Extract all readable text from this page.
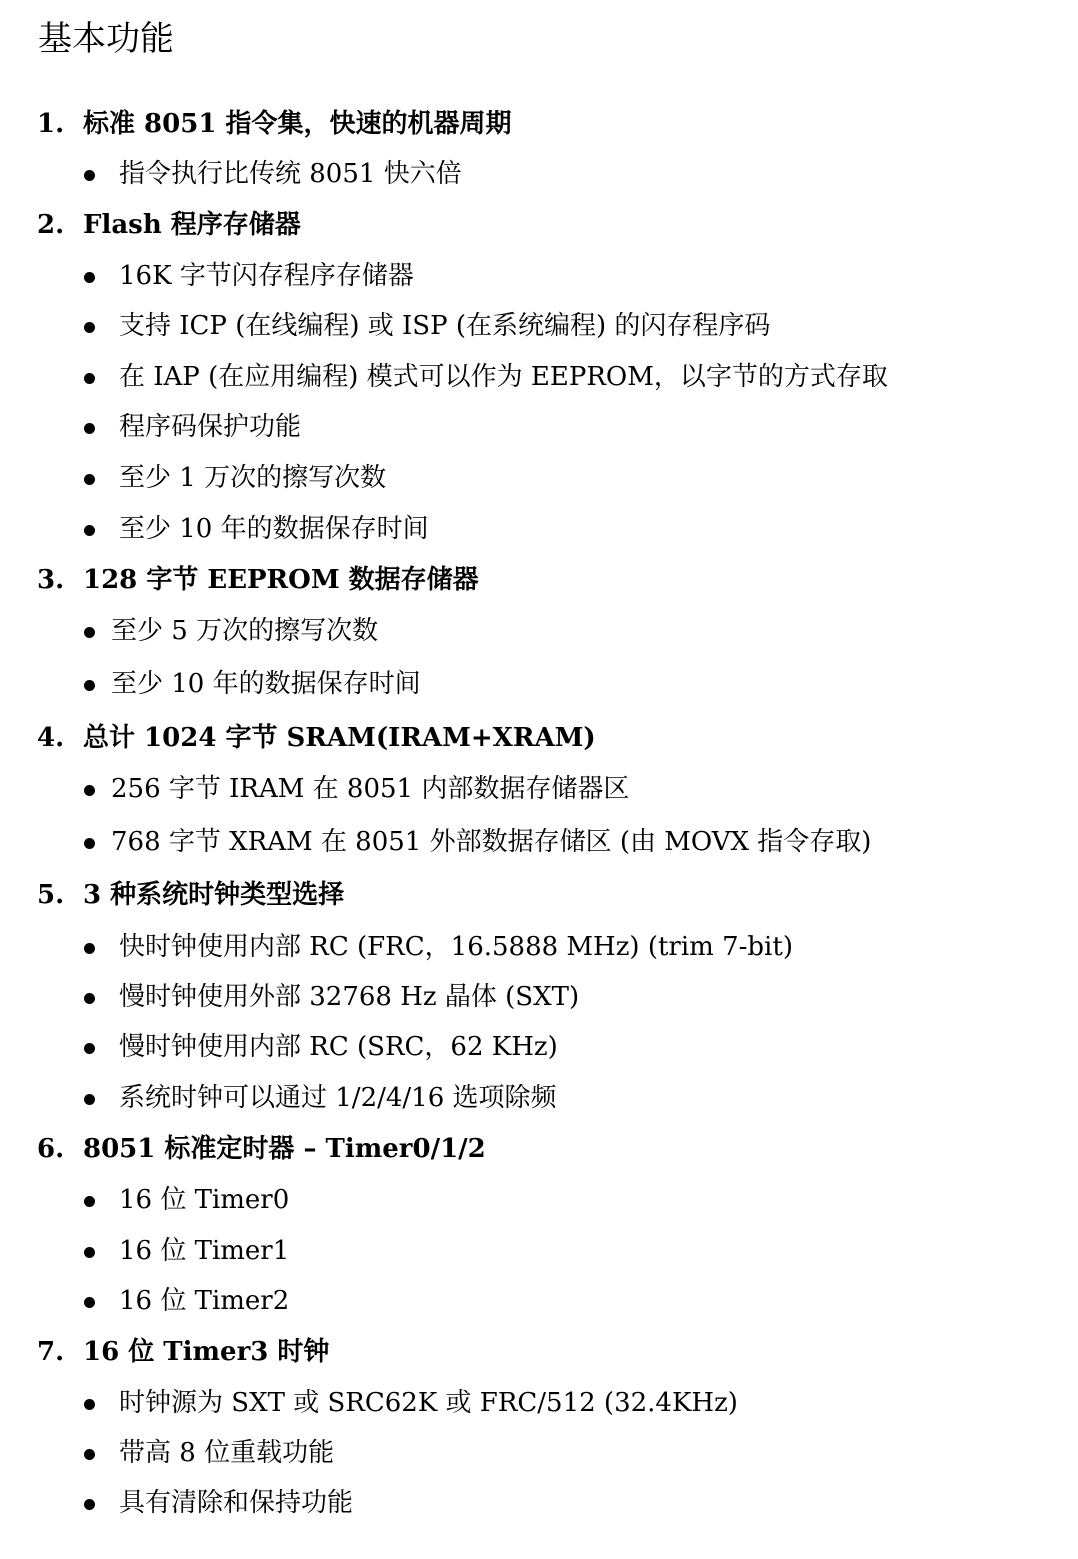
基本功能
1. 标准 8051 指令集，快速的机器周期
指令执行比传统 8051 快六倍
2. Flash 程序存储器
16K 字节闪存程序存储器
支持 ICP (在线编程) 或 ISP (在系统编程) 的闪存程序码
在 IAP (在应用编程) 模式可以作为 EEPROM，以字节的方式存取
程序码保护功能
至少 1 万次的擦写次数
至少 10 年的数据保存时间
3. 128 字节 EEPROM 数据存储器
至少 5 万次的擦写次数
至少 10 年的数据保存时间
4. 总计 1024 字节 SRAM(IRAM+XRAM)
256 字节 IRAM 在 8051 内部数据存储器区
768 字节 XRAM 在 8051 外部数据存储区 (由 MOVX 指令存取)
5. 3 种系统时钟类型选择
快时钟使用内部 RC (FRC，16.5888 MHz) (trim 7-bit)
慢时钟使用外部 32768 Hz 晶体 (SXT)
慢时钟使用内部 RC (SRC，62 KHz)
系统时钟可以通过 1/2/4/16 选项除频
6. 8051 标准定时器 – Timer0/1/2
16 位 Timer0
16 位 Timer1
16 位 Timer2
7. 16 位 Timer3 时钟
时钟源为 SXT 或 SRC62K 或 FRC/512 (32.4KHz)
带高 8 位重载功能
具有清除和保持功能
